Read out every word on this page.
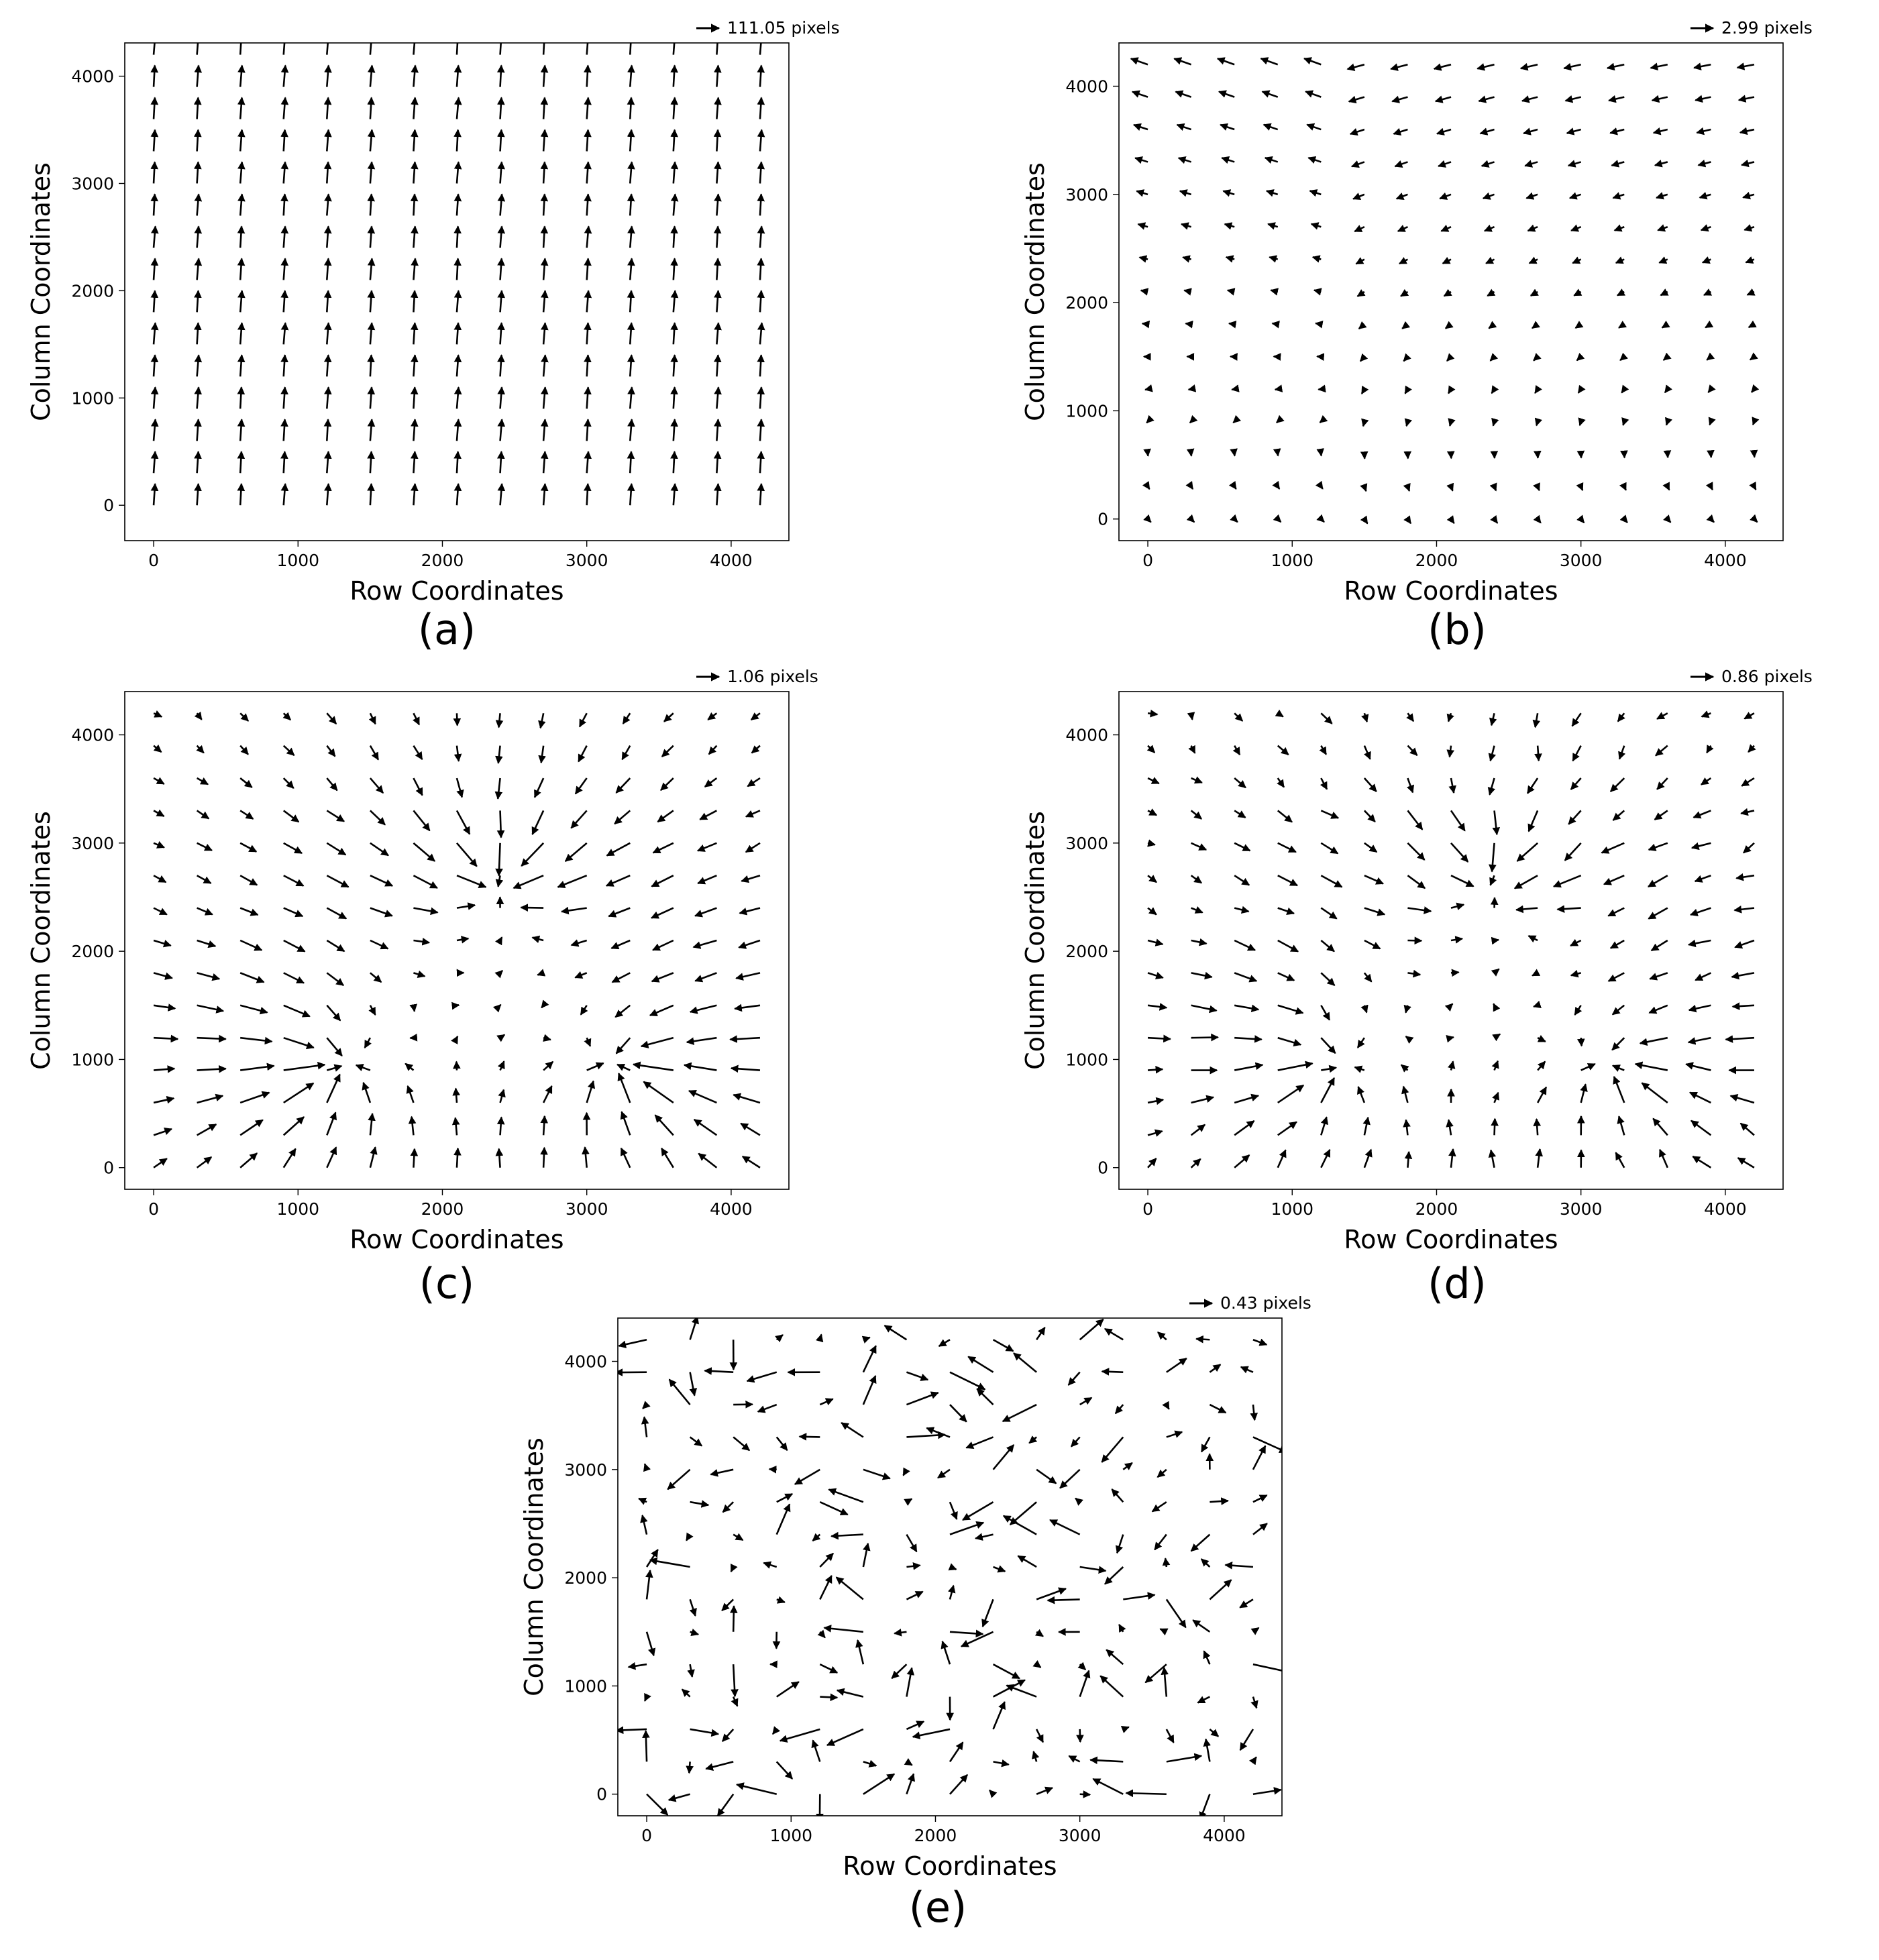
0	1000	2000	3000	4000
0
1000
2000
3000
4000
Row Coordinates
Column Coordinates
111.05 pixels
(a)
0	1000	2000	3000	4000
0
1000
2000
3000
4000
Row Coordinates
Column Coordinates
2.99 pixels
(b)
0	1000	2000	3000	4000
0
1000
2000
3000
4000
Row Coordinates
Column Coordinates
1.06 pixels
(c)
0	1000	2000	3000	4000
0
1000
2000
3000
4000
Row Coordinates
Column Coordinates
0.86 pixels
(d)
0	1000	2000	3000	4000
0
1000
2000
3000
4000
Row Coordinates
Column Coordinates
0.43 pixels
(e)
